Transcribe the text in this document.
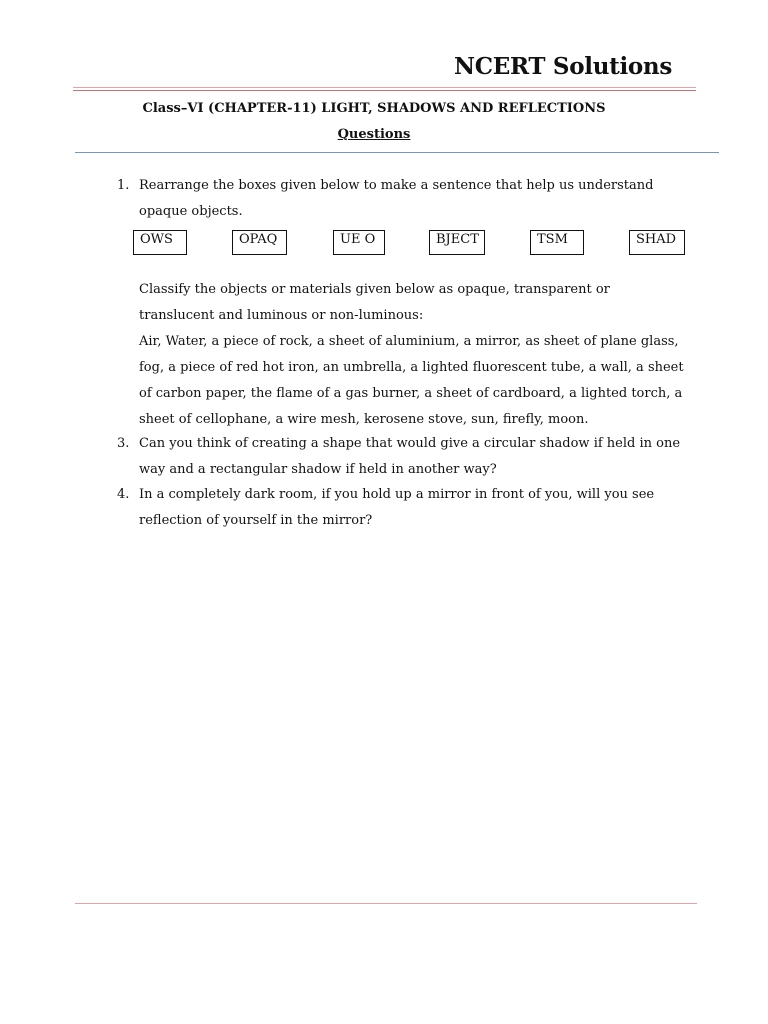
NCERT Solutions
Class–VI (CHAPTER-11) LIGHT, SHADOWS AND REFLECTIONS
Questions
1. Rearrange the boxes given below to make a sentence that help us understand
opaque objects.
OWS	OPAQ	UE O	BJECT	TSM	SHAD
Classify the objects or materials given below as opaque, transparent or
translucent and luminous or non-luminous:
Air, Water, a piece of rock, a sheet of aluminium, a mirror, as sheet of plane glass,
fog, a piece of red hot iron, an umbrella, a lighted fluorescent tube, a wall, a sheet
of carbon paper, the flame of a gas burner, a sheet of cardboard, a lighted torch, a
sheet of cellophane, a wire mesh, kerosene stove, sun, firefly, moon.
3. Can you think of creating a shape that would give a circular shadow if held in one
way and a rectangular shadow if held in another way?
4. In a completely dark room, if you hold up a mirror in front of you, will you see
reflection of yourself in the mirror?
